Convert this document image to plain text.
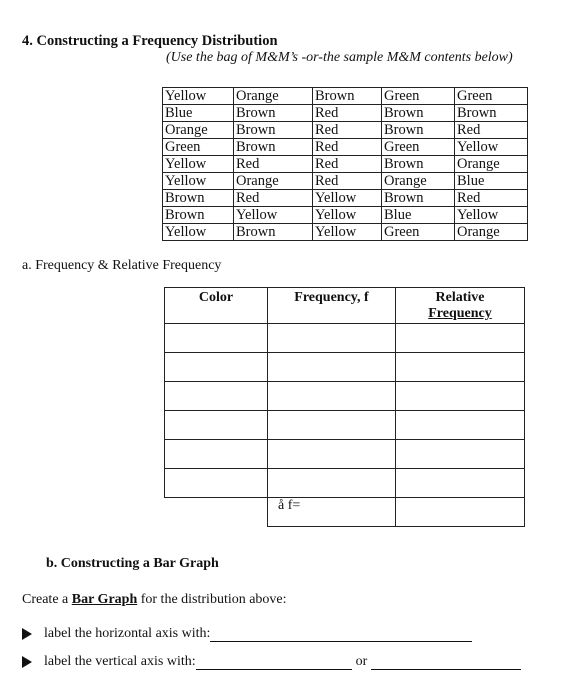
4. Constructing a Frequency Distribution
(Use the bag of M&M’s -or-the sample M&M contents below)
Yellow	Orange	Brown	Green	Green
Blue	Brown	Red	Brown	Brown
Orange	Brown	Red	Brown	Red
Green	Brown	Red	Green	Yellow
Yellow	Red	Red	Brown	Orange
Yellow	Orange	Red	Orange	Blue
Brown	Red	Yellow	Brown	Red
Brown	Yellow	Yellow	Blue	Yellow
Yellow	Brown	Yellow	Green	Orange
a. Frequency & Relative Frequency
Color	Frequency, f	Relative
Frequency

	å f=	
b. Constructing a Bar Graph
Create a Bar Graph for the distribution above:
label the horizontal axis with:
label the vertical axis with:	or
